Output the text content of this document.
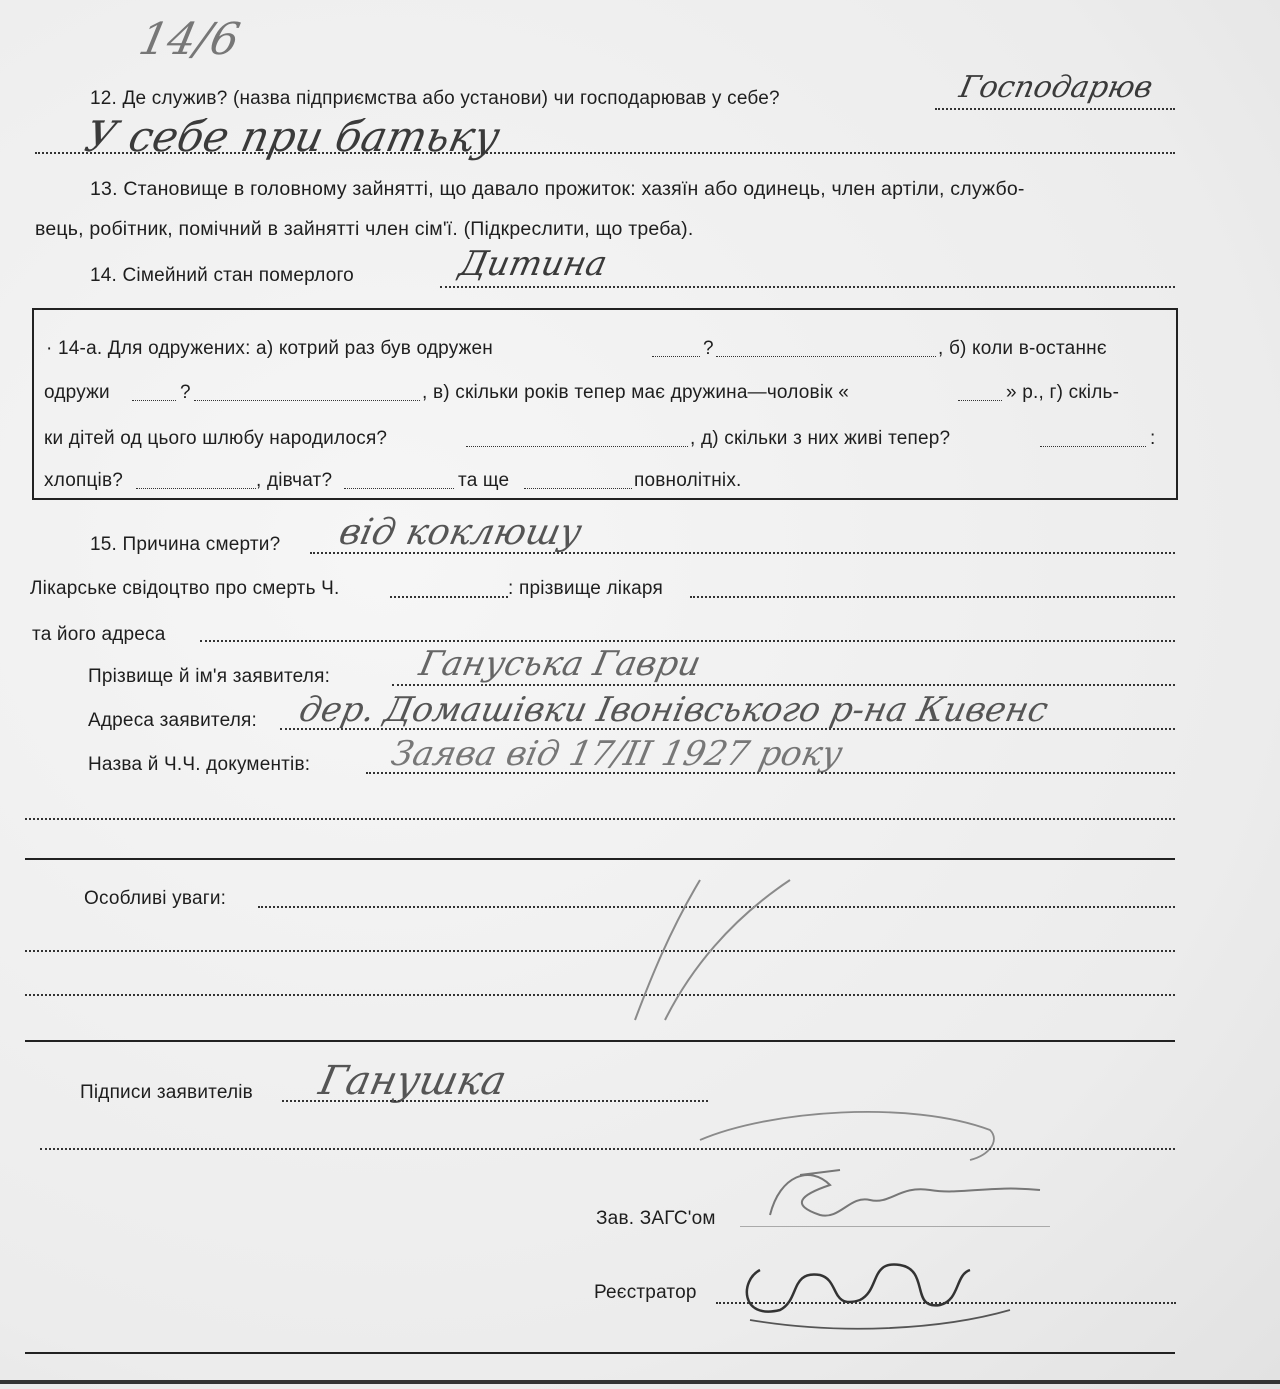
14/6
12. Де служив? (назва підприємства або установи) чи господарював у себе?	Господарюв
У себе при батьку
13. Становище в головному зайнятті, що давало прожиток: хазяїн або одинець, член артіли, службо-
вець, робітник, помічний в зайнятті член сім'ї. (Підкреслити, що треба).
14. Сімейний стан померлого	Дитина
· 14-а. Для одружених: а) котрий раз був одружен	?	, б) коли в-останнє
одружи	?	, в) скільки років тепер має дружина—чоловік «	» р., г) скіль-
ки дітей од цього шлюбу народилося?	, д) скільки з них живі тепер?	:
хлопців?	, дівчат?	та ще	повнолітніх.
15. Причина смерти? від коклюшу
Лікарське свідоцтво про смерть Ч.	: прізвище лікаря
та його адреса
Прізвище й ім'я заявителя:	Гануська Гаври
Адреса заявителя: дер. Домашівки Івонівського р-на Кивенс
Назва й Ч.Ч. документів: Заява від 17/II 1927 року
Особливі уваги:
Підписи заявителів Ганушка
Зав. ЗАГС'ом
Реєстратор
